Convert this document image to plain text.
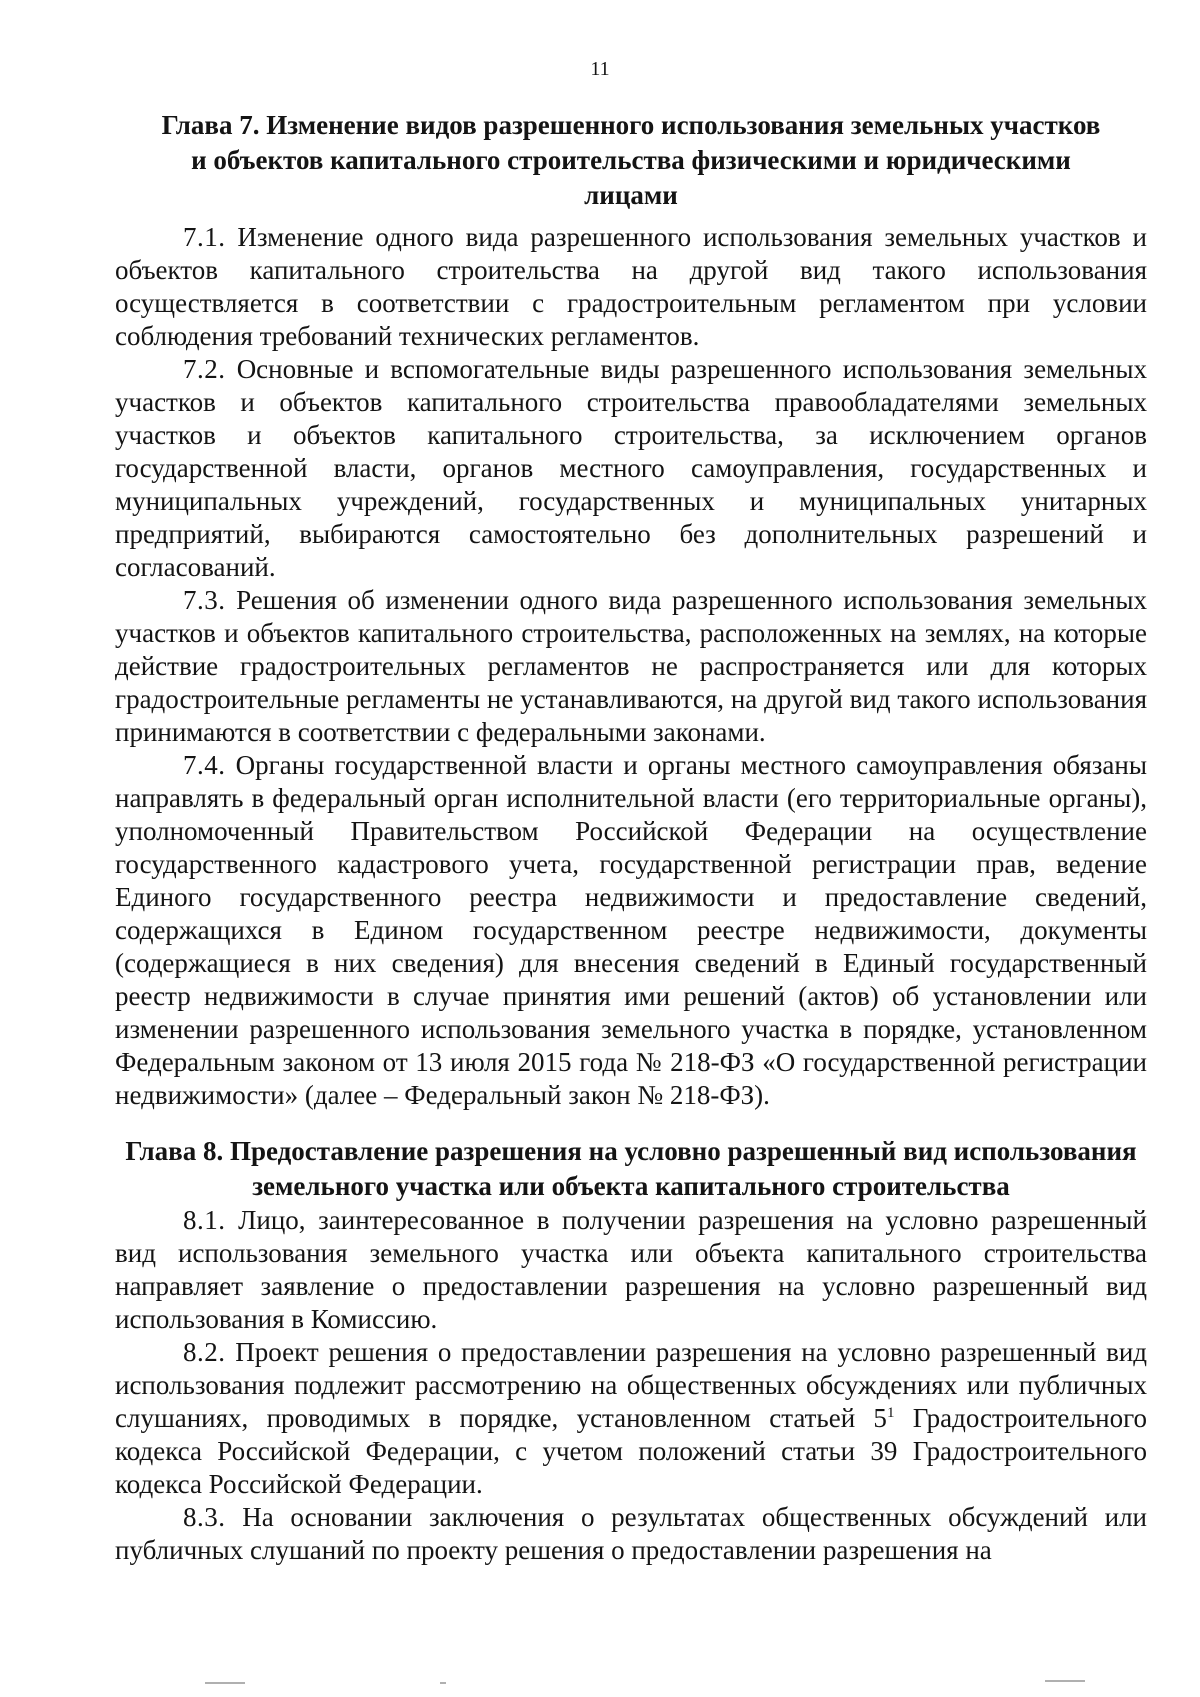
11
Глава 7. Изменение видов разрешенного использования земельных участков и объектов капитального строительства физическими и юридическими лицами

7.1. Изменение одного вида разрешенного использования земельных участков и объектов капитального строительства на другой вид такого использования осуществляется в соответствии с градостроительным регламентом при условии соблюдения требований технических регламентов.

7.2. Основные и вспомогательные виды разрешенного использования земельных участков и объектов капитального строительства правообладателями земельных участков и объектов капитального строительства, за исключением органов государственной власти, органов местного самоуправления, государственных и муниципальных учреждений, государственных и муниципальных унитарных предприятий, выбираются самостоятельно без дополнительных разрешений и согласований.

7.3. Решения об изменении одного вида разрешенного использования земельных участков и объектов капитального строительства, расположенных на землях, на которые действие градостроительных регламентов не распространяется или для которых градостроительные регламенты не устанавливаются, на другой вид такого использования принимаются в соответствии с федеральными законами.

7.4. Органы государственной власти и органы местного самоуправления обязаны направлять в федеральный орган исполнительной власти (его территориальные органы), уполномоченный Правительством Российской Федерации на осуществление государственного кадастрового учета, государственной регистрации прав, ведение Единого государственного реестра недвижимости и предоставление сведений, содержащихся в Едином государственном реестре недвижимости, документы (содержащиеся в них сведения) для внесения сведений в Единый государственный реестр недвижимости в случае принятия ими решений (актов) об установлении или изменении разрешенного использования земельного участка в порядке, установленном Федеральным законом от 13 июля 2015 года № 218-ФЗ «О государственной регистрации недвижимости» (далее – Федеральный закон № 218-ФЗ).

Глава 8. Предоставление разрешения на условно разрешенный вид использования земельного участка или объекта капитального строительства

8.1. Лицо, заинтересованное в получении разрешения на условно разрешенный вид использования земельного участка или объекта капитального строительства направляет заявление о предоставлении разрешения на условно разрешенный вид использования в Комиссию.

8.2. Проект решения о предоставлении разрешения на условно разрешенный вид использования подлежит рассмотрению на общественных обсуждениях или публичных слушаниях, проводимых в порядке, установленном статьей $5^1$ Градостроительного кодекса Российской Федерации, с учетом положений статьи 39 Градостроительного кодекса Российской Федерации.

8.3. На основании заключения о результатах общественных обсуждений или публичных слушаний по проекту решения о предоставлении разрешения на
